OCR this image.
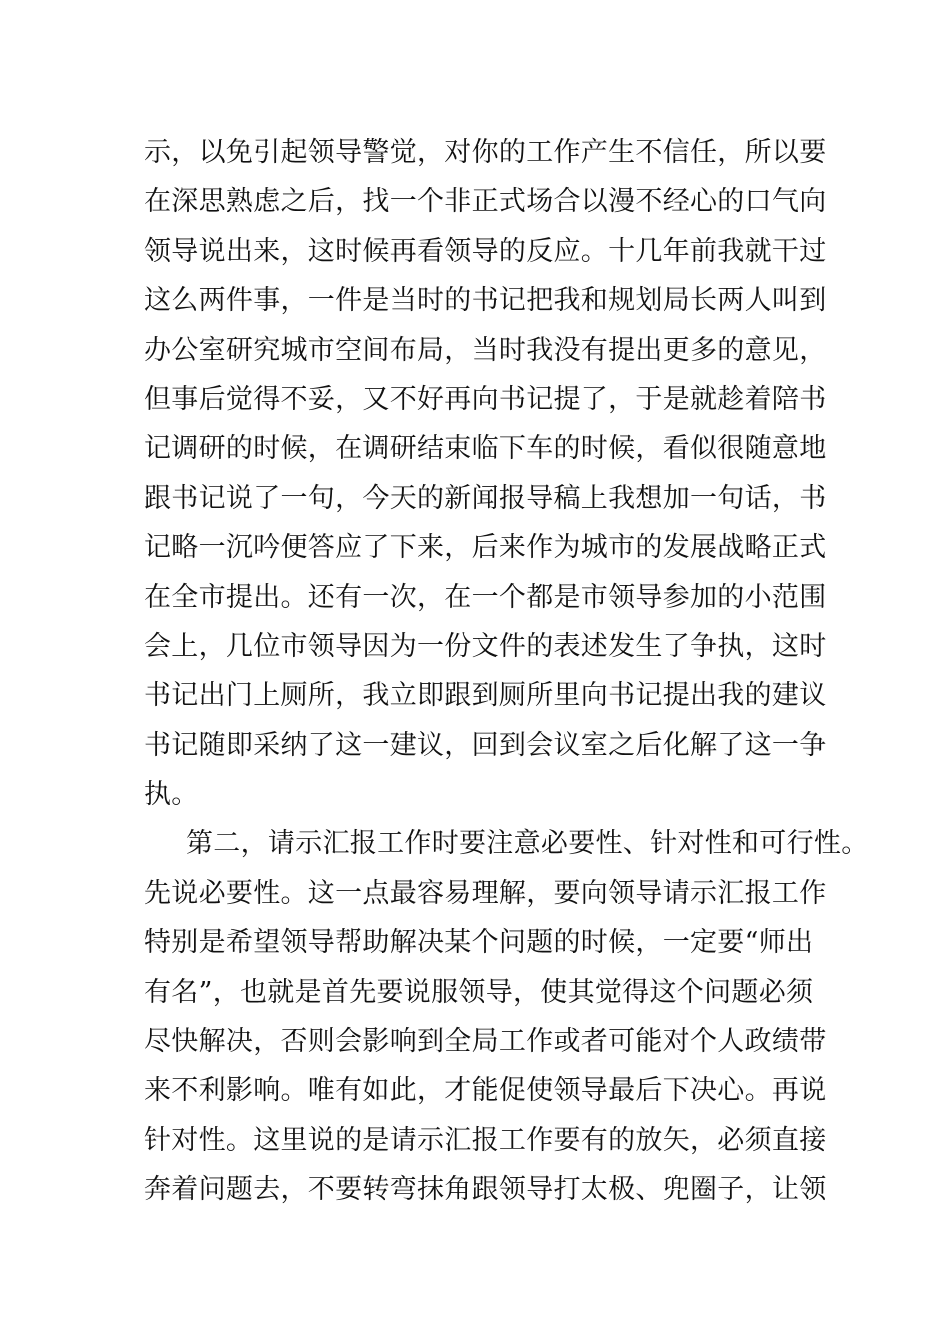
示，以免引起领导警觉，对你的工作产生不信任，所以要
在深思熟虑之后，找一个非正式场合以漫不经心的口气向
领导说出来，这时候再看领导的反应。十几年前我就干过
这么两件事，一件是当时的书记把我和规划局长两人叫到
办公室研究城市空间布局，当时我没有提出更多的意见，
但事后觉得不妥，又不好再向书记提了，于是就趁着陪书
记调研的时候，在调研结束临下车的时候，看似很随意地
跟书记说了一句，今天的新闻报导稿上我想加一句话，书
记略一沉吟便答应了下来，后来作为城市的发展战略正式
在全市提出。还有一次，在一个都是市领导参加的小范围
会上，几位市领导因为一份文件的表述发生了争执，这时
书记出门上厕所，我立即跟到厕所里向书记提出我的建议
书记随即采纳了这一建议，回到会议室之后化解了这一争
执。
第二，请示汇报工作时要注意必要性、针对性和可行性。
先说必要性。这一点最容易理解，要向领导请示汇报工作
特别是希望领导帮助解决某个问题的时候，一定要“师出
有名”，也就是首先要说服领导，使其觉得这个问题必须
尽快解决，否则会影响到全局工作或者可能对个人政绩带
来不利影响。唯有如此，才能促使领导最后下决心。再说
针对性。这里说的是请示汇报工作要有的放矢，必须直接
奔着问题去，不要转弯抹角跟领导打太极、兜圈子，让领
